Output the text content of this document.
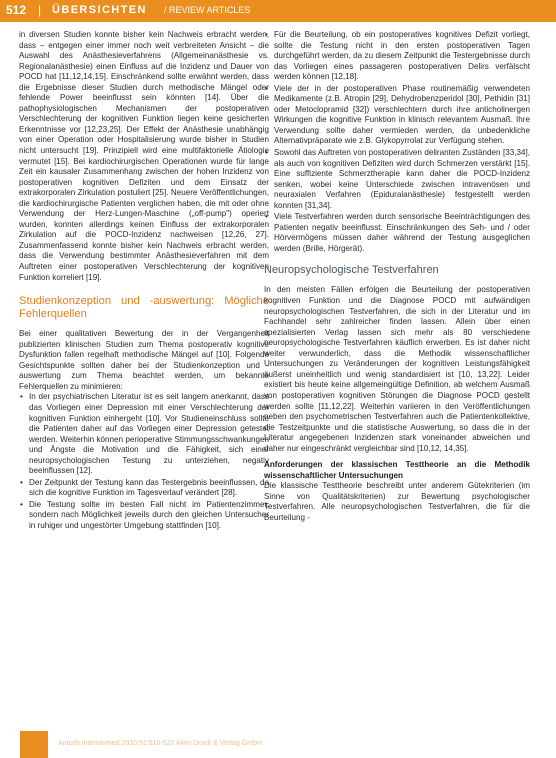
512 | ÜBERSICHTEN / REVIEW ARTICLES

in diversen Studien konnte bisher kein Nachweis erbracht werden, dass – entgegen einer immer noch weit verbreiteten Ansicht – die Auswahl des Anästhesieverfahrens (Allgemeinanästhesie vs. Regionalanästhesie) einen Einfluss auf die Inzidenz und Dauer von POCD hat [11,12,14,15]. Einschränkend sollte erwähnt werden, dass die Ergebnisse dieser Studien durch methodische Mängel oder fehlende Power beeinflusst sein könnten [14]. Über die pathophysiologischen Mechanismen der postoperativen Verschlechterung der kognitiven Funktion liegen keine gesicherten Erkenntnisse vor [12,23,25]. Der Effekt der Anästhesie unabhängig von einer Operation oder Hospitalisierung wurde bisher in Studien nicht untersucht [19]. Prinzipiell wird eine multifaktorielle Ätiologie vermutet [15]. Bei kardiochirurgischen Operationen wurde für lange Zeit ein kausaler Zusammenhang zwischen der hohen Inzidenz von postoperativen kognitiven Defiziten und dem Einsatz der extrakorporalen Zirkulation postuliert [25]. Neuere Veröffentlichungen, die kardiochirurgische Patienten verglichen haben, die mit oder ohne Verwendung der Herz-Lungen-Maschine („off-pump") operiert wurden, konnten allerdings keinen Einfluss der extrakorporalen Zirkulation auf die POCD-Inzidenz nachweisen [12,26, 27]. Zusammenfassend konnte bisher kein Nachweis erbracht werden, dass die Verwendung bestimmter Anästhesieverfahren mit dem Auftreten einer postoperativen Verschlechterung der kognitiven Funktion korreliert [19].

Studienkonzeption und -auswertung: Mögliche Fehlerquellen

Bei einer qualitativen Bewertung der in der Vergangenheit publizierten klinischen Studien zum Thema postoperativ kognitive Dysfunktion fallen regelhaft methodische Mängel auf [10]. Folgende Gesichtspunkte sollten daher bei der Studienkonzeption und -auswertung zum Thema beachtet werden, um bekannte Fehlerquellen zu minimieren:

• In der psychiatrischen Literatur ist es seit langem anerkannt, dass das Vorliegen einer Depression mit einer Verschlechterung der kognitiven Funktion einhergeht [10]. Vor Studieneinschluss sollte die Patienten daher auf das Vorliegen einer Depression getestet werden. Weiterhin können perioperative Stimmungsschwankungen und Ängste die Motivation und die Fähigkeit, sich einer neuropsychologischen Testung zu unterziehen, negativ beeinflussen [12].
• Der Zeitpunkt der Testung kann das Testergebnis beeinflussen, da sich die kognitive Funktion im Tagesverlauf verändert [28].
• Die Testung sollte im besten Fall nicht im Patientenzimmer, sondern nach Möglichkeit jeweils durch den gleichen Untersucher in ruhiger und ungestörter Umgebung stattfinden [10].
• Für die Beurteilung, ob ein postoperatives kognitives Defizit vorliegt, sollte die Testung nicht in den ersten postoperativen Tagen durchgeführt werden, da zu diesem Zeitpunkt die Testergebnisse durch das Vorliegen eines passageren postoperativen Delirs verfälscht werden können [12,18].
• Viele der in der postoperativen Phase routinemäßig verwendeten Medikamente (z.B. Atropin [29], Dehydrobenzperidol [30], Pethidin [31] oder Metoclopramid [32]) verschlechtern durch ihre anticholinergen Wirkungen die kognitive Funktion in klinisch relevantem Ausmaß. Ihre Verwendung sollte daher vermieden werden, da unbedenkliche Alternativpräparate wie z.B. Glykopyrrolat zur Verfügung stehen.
• Sowohl das Auftreten von postoperativen deliranten Zuständen [33,34], als auch von kognitiven Defiziten wird durch Schmerzen verstärkt [15]. Eine suffiziente Schmerztherapie kann daher die POCD-Inzidenz senken, wobei keine Unterschiede zwischen intravenösen und neuraxialen Verfahren (Epiduralanästhesie) festgestellt werden konnten [31,34].
• Viele Testverfahren werden durch sensorische Beeinträchtigungen des Patienten negativ beeinflusst. Einschränkungen des Seh- und / oder Hörvermögens müssen daher während der Testung ausgeglichen werden (Brille, Hörgerät).
Neuropsychologische Testverfahren

In den meisten Fällen erfolgen die Beurteilung der postoperativen kognitiven Funktion und die Diagnose POCD mit aufwändigen neuropsychologischen Testverfahren, die sich in der Literatur und im Fachhandel sehr zahlreicher finden lassen. Allein über einen spezialisierten Verlag lassen sich mehr als 80 verschiedene neuropsychologische Testverfahren käuflich erwerben. Es ist daher nicht weiter verwunderlich, dass die Methodik wissenschaftlicher Untersuchungen zu Veränderungen der kognitiven Leistungsfähigkeit äußerst uneinheitlich und wenig standardisiert ist [10, 13,22]. Leider existiert bis heute keine allgemeingültige Definition, ab welchem Ausmaß von postoperativen kognitiven Störungen die Diagnose POCD gestellt werden sollte [11,12,22]. Weiterhin variieren in den Veröffentlichungen neben den psychometrischen Testverfahren auch die Patientenkollektive, die Testzeitpunkte und die statistische Auswertung, so dass die in der Literatur angegebenen Inzidenzen stark voneinander abweichen und daher nur eingeschränkt vergleichbar sind [10,12, 14,35].

Anforderungen der klassischen Testtheorie an die Methodik wissenschaftlicher Untersuchungen

Die klassische Testtheorie beschreibt unter anderem Gütekriterien (im Sinne von Qualitätskriterien) zur Bewertung psychologischer Testverfahren. Alle neuropsychologischen Testverfahren, die für die Beurteilung -

Anästh Intensivmed 2010;51:510-520 Aktiv Druck & Verlag GmbH
